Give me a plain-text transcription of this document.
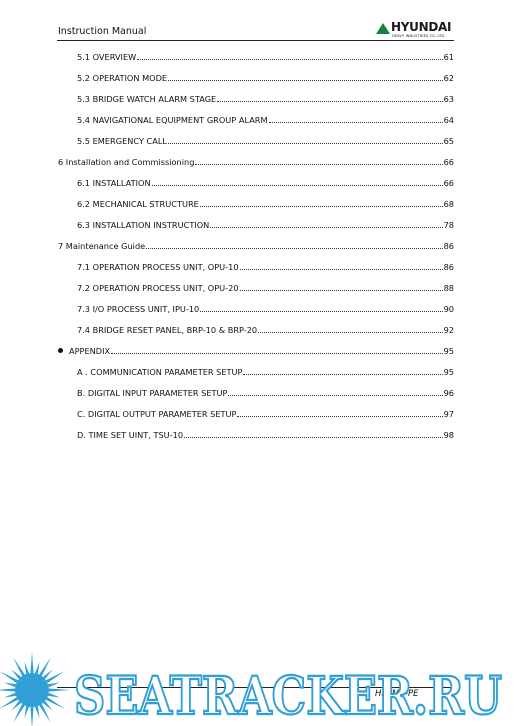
Instruction Manual	HYUNDAI
HEAVY INDUSTRIES CO.,LTD.
5.1 OVERVIEW	61
5.2 OPERATION MODE	62
5.3 BRIDGE WATCH ALARM STAGE	63
5.4 NAVIGATIONAL EQUIPMENT GROUP ALARM	64
5.5 EMERGENCY CALL	65
6 Installation and Commissioning	66
6.1 INSTALLATION	66
6.2 MECHANICAL STRUCTURE	68
6.3 INSTALLATION INSTRUCTION	78
7 Maintenance Guide	86
7.1 OPERATION PROCESS UNIT, OPU-10	86
7.2 OPERATION PROCESS UNIT, OPU-20	88
7.3 I/O PROCESS UNIT, IPU-10	90
7.4 BRIDGE RESET PANEL, BRP-10 & BRP-20	92
APPENDIX	95
A . COMMUNICATION PARAMETER SETUP	95
B. DIGITAL INPUT PARAMETER SETUP	96
C. DIGITAL OUTPUT PARAMETER SETUP	97
D. TIME SET UINT, TSU-10	98
HiWMS-PE
SEATRACKER.RU
